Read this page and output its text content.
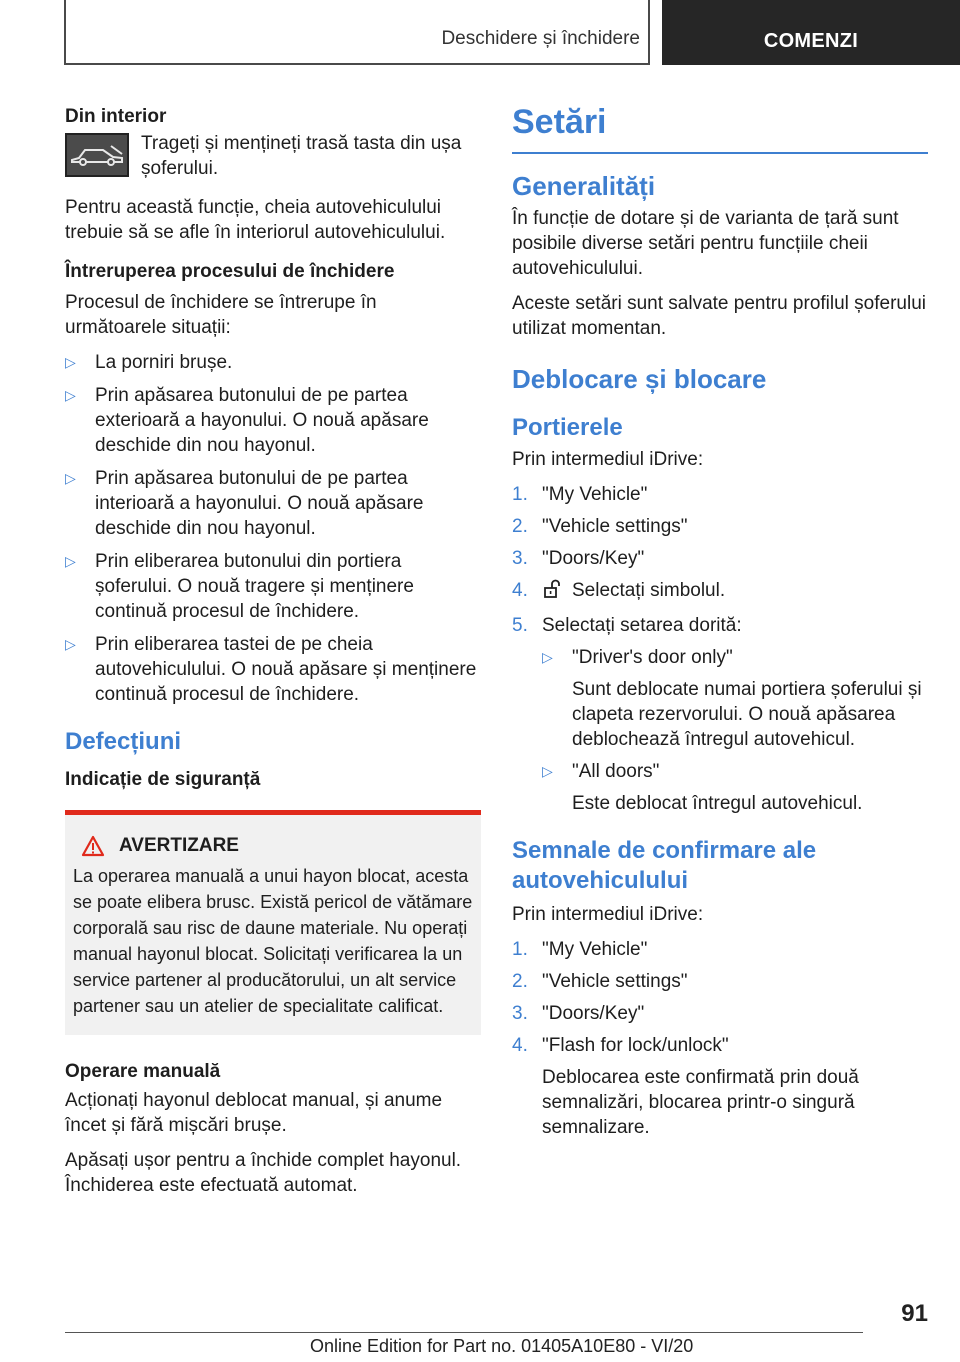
Deschidere și închidere	COMENZI
Din interior

Trageți și mențineți trasă tasta din ușa șoferului.

Pentru această funcție, cheia autovehiculului trebuie să se afle în interiorul autovehiculului.

Întreruperea procesului de închidere

Procesul de închidere se întrerupe în următoarele situații:

▷	La porniri brușe.
▷	Prin apăsarea butonului de pe partea exterioară a hayonului. O nouă apăsare deschide din nou hayonul.
▷	Prin apăsarea butonului de pe partea interioară a hayonului. O nouă apăsare deschide din nou hayonul.
▷	Prin eliberarea butonului din portiera șoferului. O nouă tragere și menținere continuă procesul de închidere.
▷	Prin eliberarea tastei de pe cheia autovehiculului. O nouă apăsare și menținere continuă procesul de închidere.
Defecțiuni
Indicație de siguranță
AVERTIZARE
La operarea manuală a unui hayon blocat, acesta se poate elibera brusc. Există pericol de vătămare corporală sau risc de daune materiale. Nu operați manual hayonul blocat. Solicitați verificarea la un service partener al producătorului, un alt service partener sau un atelier de specialitate calificat.
Operare manuală

Acționați hayonul deblocat manual, și anume încet și fără mișcări brușe.

Apăsați ușor pentru a închide complet hayonul. Închiderea este efectuată automat.

Setări
Generalități

În funcție de dotare și de varianta de țară sunt posibile diverse setări pentru funcțiile cheii autovehiculului.

Aceste setări sunt salvate pentru profilul șoferului utilizat momentan.

Deblocare și blocare
Portierele

Prin intermediul iDrive:

1. "My Vehicle"
2. "Vehicle settings"
3. "Doors/Key"
4. Selectați simbolul.
5. Selectați setarea dorită:
▷	"Driver's door only"

Sunt deblocate numai portiera șoferului și clapeta rezervorului. O nouă apăsarea deblochează întregul autovehicul.
▷	"All doors"

Este deblocat întregul autovehicul.
Semnale de confirmare ale autovehiculului

Prin intermediul iDrive:

1. "My Vehicle"
2. "Vehicle settings"
3. "Doors/Key"
4. "Flash for lock/unlock"
Deblocarea este confirmată prin două semnalizări, blocarea printr-o singură semnalizare.
91
Online Edition for Part no. 01405A10E80 - VI/20
